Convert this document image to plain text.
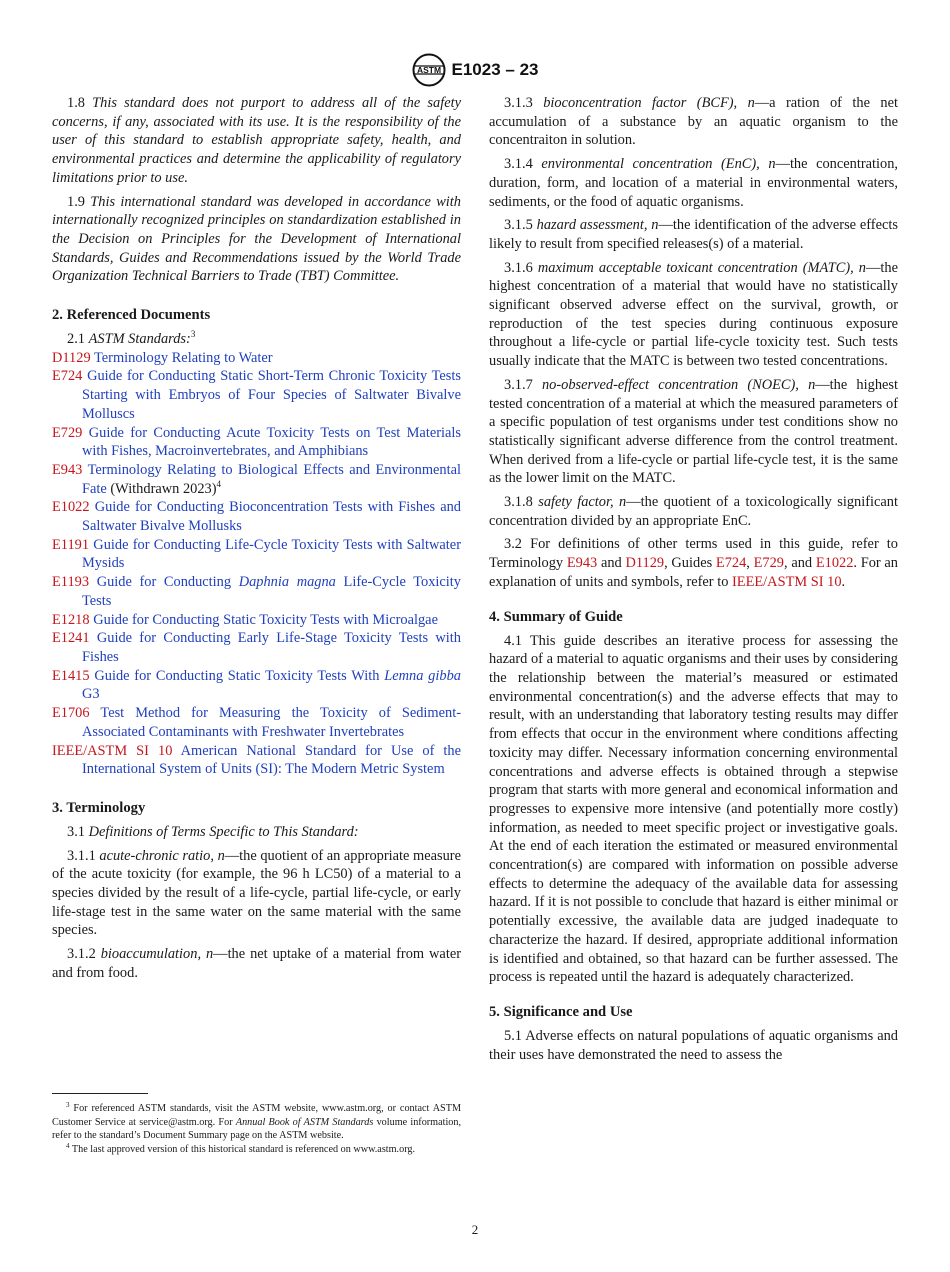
ASTM E1023 – 23

1.8 This standard does not purport to address all of the safety concerns, if any, associated with its use. It is the responsibility of the user of this standard to establish appropriate safety, health, and environmental practices and determine the applicability of regulatory limitations prior to use.

1.9 This international standard was developed in accordance with internationally recognized principles on standardization established in the Decision on Principles for the Development of International Standards, Guides and Recommendations issued by the World Trade Organization Technical Barriers to Trade (TBT) Committee.

2. Referenced Documents

2.1 ASTM Standards:$^3$

D1129 Terminology Relating to Water

E724 Guide for Conducting Static Short-Term Chronic Toxicity Tests Starting with Embryos of Four Species of Saltwater Bivalve Molluscs

E729 Guide for Conducting Acute Toxicity Tests on Test Materials with Fishes, Macroinvertebrates, and Amphibians

E943 Terminology Relating to Biological Effects and Environmental Fate (Withdrawn 2023)$^4$

E1022 Guide for Conducting Bioconcentration Tests with Fishes and Saltwater Bivalve Mollusks

E1191 Guide for Conducting Life-Cycle Toxicity Tests with Saltwater Mysids

E1193 Guide for Conducting Daphnia magna Life-Cycle Toxicity Tests

E1218 Guide for Conducting Static Toxicity Tests with Microalgae

E1241 Guide for Conducting Early Life-Stage Toxicity Tests with Fishes

E1415 Guide for Conducting Static Toxicity Tests With Lemna gibba G3

E1706 Test Method for Measuring the Toxicity of Sediment-Associated Contaminants with Freshwater Invertebrates

IEEE/ASTM SI 10 American National Standard for Use of the International System of Units (SI): The Modern Metric System

3. Terminology

3.1 Definitions of Terms Specific to This Standard:

3.1.1 acute-chronic ratio, n—the quotient of an appropriate measure of the acute toxicity (for example, the 96 h LC50) of a material to a species divided by the result of a life-cycle, partial life-cycle, or early life-stage test in the same water on the same material with the same species.

3.1.2 bioaccumulation, n—the net uptake of a material from water and from food.

$^3$ For referenced ASTM standards, visit the ASTM website, www.astm.org, or contact ASTM Customer Service at service@astm.org. For Annual Book of ASTM Standards volume information, refer to the standard’s Document Summary page on the ASTM website.

$^4$ The last approved version of this historical standard is referenced on www.astm.org.

3.1.3 bioconcentration factor (BCF), n—a ration of the net accumulation of a substance by an aquatic organism to the concentraiton in solution.

3.1.4 environmental concentration (EnC), n—the concentration, duration, form, and location of a material in environmental waters, sediments, or the food of aquatic organisms.

3.1.5 hazard assessment, n—the identification of the adverse effects likely to result from specified releases(s) of a material.

3.1.6 maximum acceptable toxicant concentration (MATC), n—the highest concentration of a material that would have no statistically significant observed adverse effect on the survival, growth, or reproduction of the test species during continuous exposure throughout a life-cycle or partial life-cycle toxicity test. Such tests usually indicate that the MATC is between two tested concentrations.

3.1.7 no-observed-effect concentration (NOEC), n—the highest tested concentration of a material at which the measured parameters of a specific population of test organisms under test conditions show no statistically significant adverse difference from the control treatment. When derived from a life-cycle or partial life-cycle test, it is the same as the lower limit on the MATC.

3.1.8 safety factor, n—the quotient of a toxicologically significant concentration divided by an appropriate EnC.

3.2 For definitions of other terms used in this guide, refer to Terminology E943 and D1129, Guides E724, E729, and E1022. For an explanation of units and symbols, refer to IEEE/ASTM SI 10.

4. Summary of Guide

4.1 This guide describes an iterative process for assessing the hazard of a material to aquatic organisms and their uses by considering the relationship between the material’s measured or estimated environmental concentration(s) and the adverse effects that may to result, with an understanding that laboratory testing results may differ from effects that occur in the environment where conditions affecting toxicity may differ. Necessary information concerning environmental concentrations and adverse effects is obtained through a stepwise program that starts with more general and economical information and progresses to expensive more intensive (and potentially more costly) information, as needed to meet specific project or investigative goals. At the end of each iteration the estimated or measured environmental concentration(s) are compared with information on possible adverse effects to determine the adequacy of the available data for assessing hazard. If it is not possible to conclude that hazard is either minimal or potentially excessive, the available data are judged inadequate to characterize the hazard. If desired, appropriate additional information is identified and obtained, so that hazard can be further assessed. The process is repeated until the hazard is adequately characterized.

5. Significance and Use

5.1 Adverse effects on natural populations of aquatic organisms and their uses have demonstrated the need to assess the

2
